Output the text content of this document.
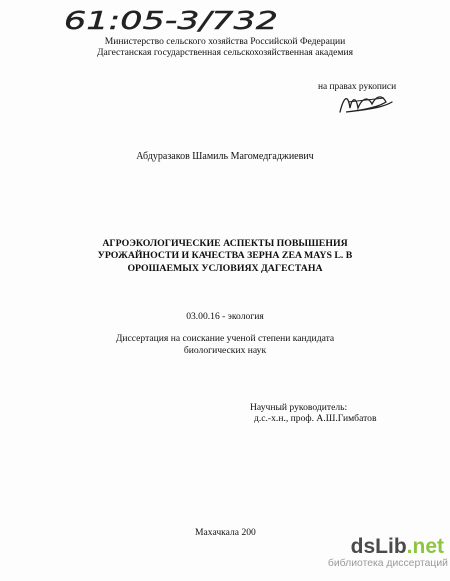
61:05-3/732
Министерство сельского хозяйства Российской Федерации
Дагестанская государственная сельскохозяйственная академия
на правах рукописи
Абдуразаков Шамиль Магомедгаджиевич
АГРОЭКОЛОГИЧЕСКИЕ АСПЕКТЫ ПОВЫШЕНИЯ
УРОЖАЙНОСТИ И КАЧЕСТВА ЗЕРНА ZEA MAYS L. В
ОРОШАЕМЫХ УСЛОВИЯХ ДАГЕСТАНА
03.00.16 - экология
Диссертация на соискание ученой степени кандидата
биологических наук
Научный руководитель:
д.с.-х.н., проф. А.Ш.Гимбатов
Махачкала 200
dsLib.net
библиотека диссертаций
